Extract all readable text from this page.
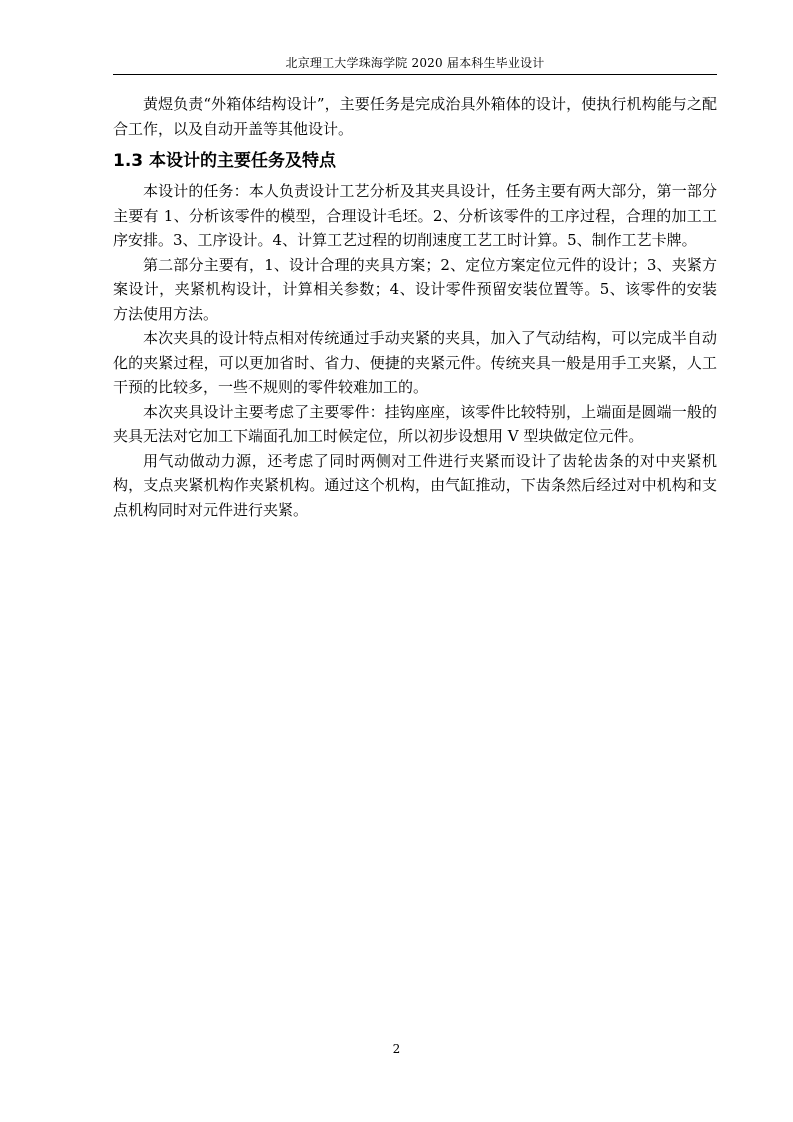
北京理工大学珠海学院 2020 届本科生毕业设计

黄煜负责“外箱体结构设计”，主要任务是完成治具外箱体的设计，使执行机构能与之配合工作，以及自动开盖等其他设计。

1.3 本设计的主要任务及特点

本设计的任务：本人负责设计工艺分析及其夹具设计，任务主要有两大部分，第一部分主要有 1、分析该零件的模型，合理设计毛坯。2、分析该零件的工序过程，合理的加工工序安排。3、工序设计。4、计算工艺过程的切削速度工艺工时计算。5、制作工艺卡牌。

第二部分主要有，1、设计合理的夹具方案；2、定位方案定位元件的设计；3、夹紧方案设计，夹紧机构设计，计算相关参数；4、设计零件预留安装位置等。5、该零件的安装方法使用方法。

本次夹具的设计特点相对传统通过手动夹紧的夹具，加入了气动结构，可以完成半自动化的夹紧过程，可以更加省时、省力、便捷的夹紧元件。传统夹具一般是用手工夹紧，人工干预的比较多，一些不规则的零件较难加工的。

本次夹具设计主要考虑了主要零件：挂钩座座，该零件比较特别，上端面是圆端一般的夹具无法对它加工下端面孔加工时候定位，所以初步设想用 V 型块做定位元件。

用气动做动力源，还考虑了同时两侧对工件进行夹紧而设计了齿轮齿条的对中夹紧机构，支点夹紧机构作夹紧机构。通过这个机构，由气缸推动，下齿条然后经过对中机构和支点机构同时对元件进行夹紧。

2
